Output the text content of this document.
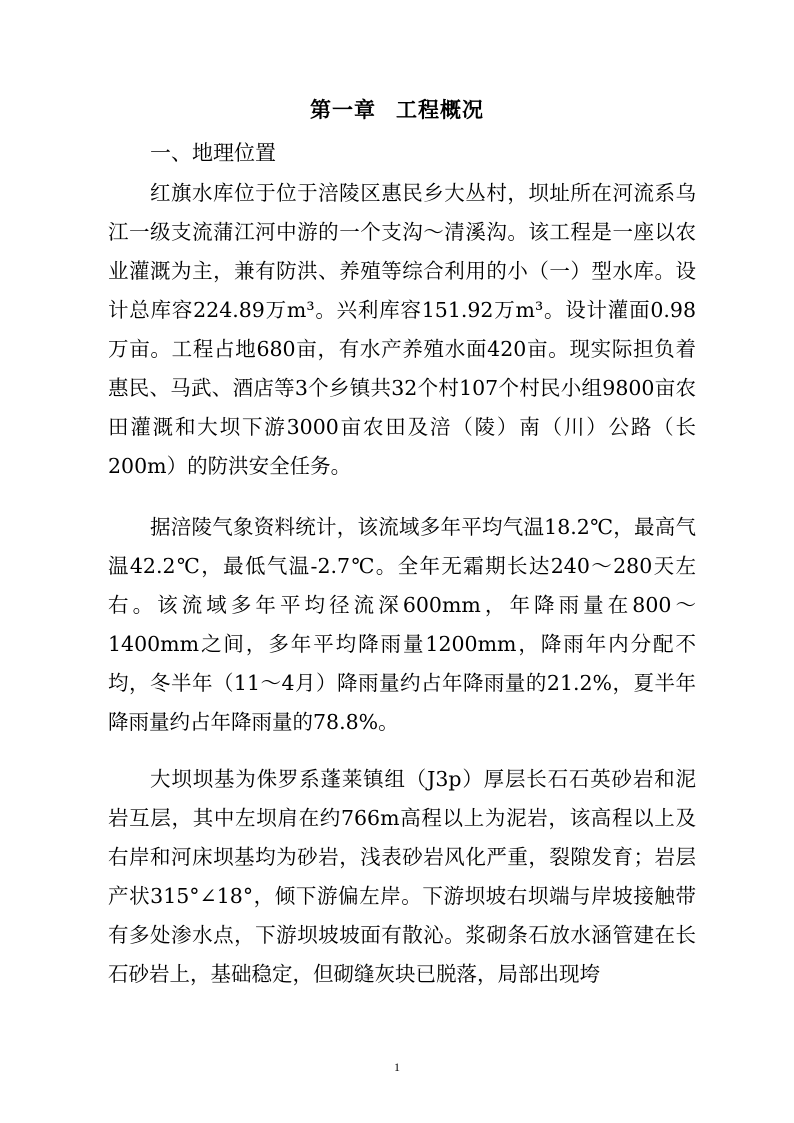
第一章 工程概况
一、地理位置

红旗水库位于位于涪陵区惠民乡大丛村，坝址所在河流系乌江一级支流蒲江河中游的一个支沟～清溪沟。该工程是一座以农业灌溉为主，兼有防洪、养殖等综合利用的小（一）型水库。设计总库容224.89万m³。兴利库容151.92万m³。设计灌面0.98万亩。工程占地680亩，有水产养殖水面420亩。现实际担负着惠民、马武、酒店等3个乡镇共32个村107个村民小组9800亩农田灌溉和大坝下游3000亩农田及涪（陵）南（川）公路（长200m）的防洪安全任务。

据涪陵气象资料统计，该流域多年平均气温18.2℃，最高气温42.2℃，最低气温-2.7℃。全年无霜期长达240～280天左右。该流域多年平均径流深600mm，年降雨量在800～1400mm之间，多年平均降雨量1200mm，降雨年内分配不均，冬半年（11～4月）降雨量约占年降雨量的21.2%，夏半年降雨量约占年降雨量的78.8%。

大坝坝基为侏罗系蓬莱镇组（J3p）厚层长石石英砂岩和泥岩互层，其中左坝肩在约766m高程以上为泥岩，该高程以上及右岸和河床坝基均为砂岩，浅表砂岩风化严重，裂隙发育；岩层产状315°∠18°，倾下游偏左岸。下游坝坡右坝端与岸坡接触带有多处渗水点，下游坝坡坡面有散沁。浆砌条石放水涵管建在长石砂岩上，基础稳定，但砌缝灰块已脱落，局部出现垮

1
